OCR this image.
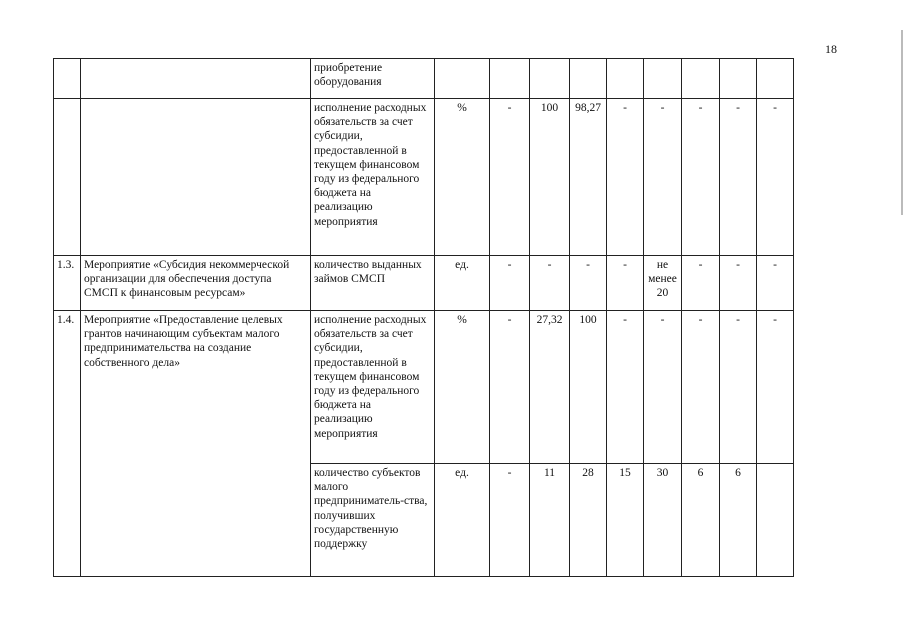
18
		приобретение оборудования									
		исполнение расходных обязательств за счет субсидии, предоставленной в текущем финансовом году из федерального бюджета на реализацию мероприятия	%	-	100	98,27	-	-	-	-	-
1.3.	Мероприятие «Субсидия некоммерческой организации для обеспечения доступа СМСП к финансовым ресурсам»	количество выданных займов СМСП	ед.	-	-	-	-	не менее 20	-	-	-
1.4.	Мероприятие «Предоставление целевых грантов начинающим субъектам малого предпринимательства на создание собственного дела»	исполнение расходных обязательств за счет субсидии, предоставленной в текущем финансовом году из федерального бюджета на реализацию мероприятия	%	-	27,32	100	-	-	-	-	-
		количество субъектов малого предприниматель-ства, получивших государственную поддержку	ед.	-	11	28	15	30	6	6	
